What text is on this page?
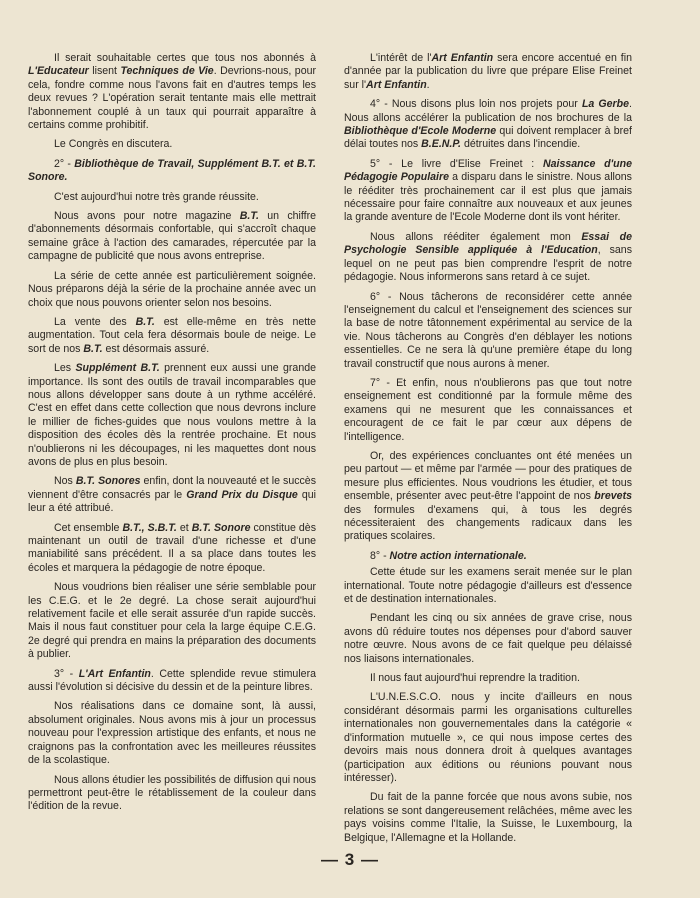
Il serait souhaitable certes que tous nos abonnés à L'Educateur lisent Techniques de Vie. Devrions-nous, pour cela, fondre comme nous l'avons fait en d'autres temps les deux revues ? L'opération serait tentante mais elle mettrait l'abonnement couplé à un taux qui pourrait apparaître à certains comme prohibitif.

Le Congrès en discutera.

2° - Bibliothèque de Travail, Supplément B.T. et B.T. Sonore.

C'est aujourd'hui notre très grande réussite.

Nous avons pour notre magazine B.T. un chiffre d'abonnements désormais confortable, qui s'accroît chaque semaine grâce à l'action des camarades, répercutée par la campagne de publicité que nous avons entreprise.

La série de cette année est particulièrement soignée. Nous préparons déjà la série de la prochaine année avec un choix que nous pouvons orienter selon nos besoins.

La vente des B.T. est elle-même en très nette augmentation. Tout cela fera désormais boule de neige. Le sort de nos B.T. est désormais assuré.

Les Supplément B.T. prennent eux aussi une grande importance. Ils sont des outils de travail incomparables que nous allons développer sans doute à un rythme accéléré. C'est en effet dans cette collection que nous devrons inclure le millier de fiches-guides que nous voulons mettre à la disposition des écoles dès la rentrée prochaine. Et nous n'oublierons ni les découpages, ni les maquettes dont nous avons de plus en plus besoin.

Nos B.T. Sonores enfin, dont la nouveauté et le succès viennent d'être consacrés par le Grand Prix du Disque qui leur a été attribué.

Cet ensemble B.T., S.B.T. et B.T. Sonore constitue dès maintenant un outil de travail d'une richesse et d'une maniabilité sans précédent. Il a sa place dans toutes les écoles et marquera la pédagogie de notre époque.

Nous voudrions bien réaliser une série semblable pour les C.E.G. et le 2e degré. La chose serait aujourd'hui relativement facile et elle serait assurée d'un rapide succès. Mais il nous faut constituer pour cela la large équipe C.E.G. 2e degré qui prendra en mains la préparation des documents à publier.

3° - L'Art Enfantin. Cette splendide revue stimulera aussi l'évolution si décisive du dessin et de la peinture libres.

Nos réalisations dans ce domaine sont, là aussi, absolument originales. Nous avons mis à jour un processus nouveau pour l'expression artistique des enfants, et nous ne craignons pas la confrontation avec les meilleures réussites de la scolastique.

Nous allons étudier les possibilités de diffusion qui nous permettront peut-être le rétablissement de la couleur dans l'édition de la revue.

L'intérêt de l'Art Enfantin sera encore accentué en fin d'année par la publication du livre que prépare Elise Freinet sur l'Art Enfantin.

4° - Nous disons plus loin nos projets pour La Gerbe. Nous allons accélérer la publication de nos brochures de la Bibliothèque d'Ecole Moderne qui doivent remplacer à bref délai toutes nos B.E.N.P. détruites dans l'incendie.

5° - Le livre d'Elise Freinet : Naissance d'une Pédagogie Populaire a disparu dans le sinistre. Nous allons le rééditer très prochainement car il est plus que jamais nécessaire pour faire connaître aux nouveaux et aux jeunes la grande aventure de l'Ecole Moderne dont ils vont hériter.

Nous allons rééditer également mon Essai de Psychologie Sensible appliquée à l'Education, sans lequel on ne peut pas bien comprendre l'esprit de notre pédagogie. Nous informerons sans retard à ce sujet.

6° - Nous tâcherons de reconsidérer cette année l'enseignement du calcul et l'enseignement des sciences sur la base de notre tâtonnement expérimental au service de la vie. Nous tâcherons au Congrès d'en déblayer les notions essentielles. Ce ne sera là qu'une première étape du long travail constructif que nous aurons à mener.

7° - Et enfin, nous n'oublierons pas que tout notre enseignement est conditionné par la formule même des examens qui ne mesurent que les connaissances et encouragent de ce fait le par cœur aux dépens de l'intelligence.

Or, des expériences concluantes ont été menées un peu partout — et même par l'armée — pour des pratiques de mesure plus efficientes. Nous voudrions les étudier, et tous ensemble, présenter avec peut-être l'appoint de nos brevets des formules d'examens qui, à tous les degrés nécessiteraient des changements radicaux dans les pratiques scolaires.

8° - Notre action internationale.

Cette étude sur les examens serait menée sur le plan international. Toute notre pédagogie d'ailleurs est d'essence et de destination internationales.

Pendant les cinq ou six années de grave crise, nous avons dû réduire toutes nos dépenses pour d'abord sauver notre œuvre. Nous avons de ce fait quelque peu délaissé nos liaisons internationales.

Il nous faut aujourd'hui reprendre la tradition.

L'U.N.E.S.C.O. nous y incite d'ailleurs en nous considérant désormais parmi les organisations culturelles internationales non gouvernementales dans la catégorie « d'information mutuelle », ce qui nous impose certes des devoirs mais nous donnera droit à quelques avantages (participation aux éditions ou réunions pouvant nous intéresser).

Du fait de la panne forcée que nous avons subie, nos relations se sont dangereusement relâchées, même avec les pays voisins comme l'Italie, la Suisse, le Luxembourg, la Belgique, l'Allemagne et la Hollande.

— 3 —
